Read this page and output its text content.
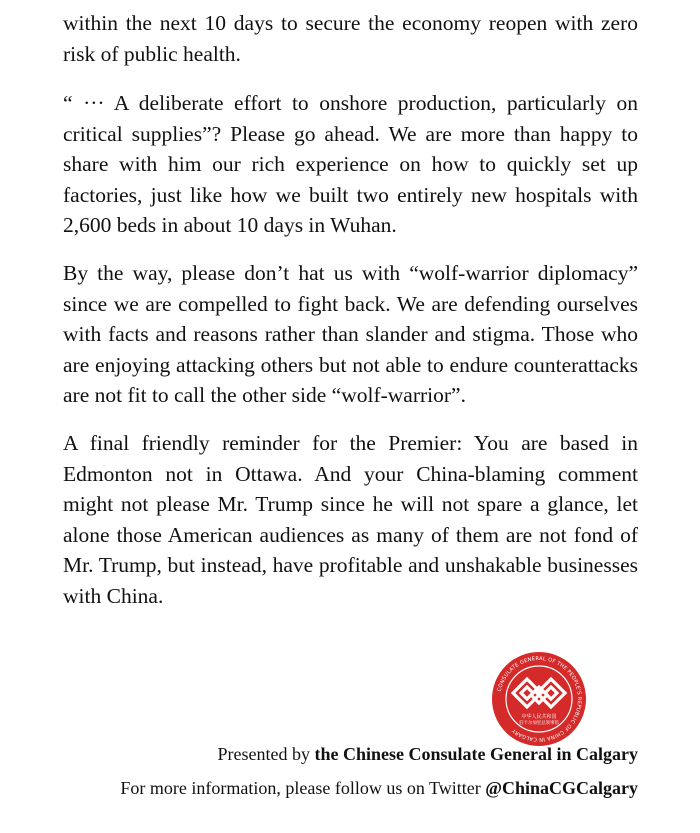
within the next 10 days to secure the economy reopen with zero risk of public health.

“ ··· A deliberate effort to onshore production, particularly on critical supplies”? Please go ahead. We are more than happy to share with him our rich experience on how to quickly set up factories, just like how we built two entirely new hospitals with 2,600 beds in about 10 days in Wuhan.

By the way, please don’t hat us with “wolf-warrior diplomacy” since we are compelled to fight back. We are defending ourselves with facts and reasons rather than slander and stigma. Those who are enjoying attacking others but not able to endure counterattacks are not fit to call the other side “wolf-warrior”.

A final friendly reminder for the Premier: You are based in Edmonton not in Ottawa. And your China-blaming comment might not please Mr. Trump since he will not spare a glance, let alone those American audiences as many of them are not fond of Mr. Trump, but instead, have profitable and unshakable businesses with China.

CONSULATE GENERAL OF THE PEOPLE'S REPUBLIC OF CHINA IN CALGARY
中华人民共和国
驻卡尔加里总领事馆
Presented by the Chinese Consulate General in Calgary
For more information, please follow us on Twitter @ChinaCGCalgary
